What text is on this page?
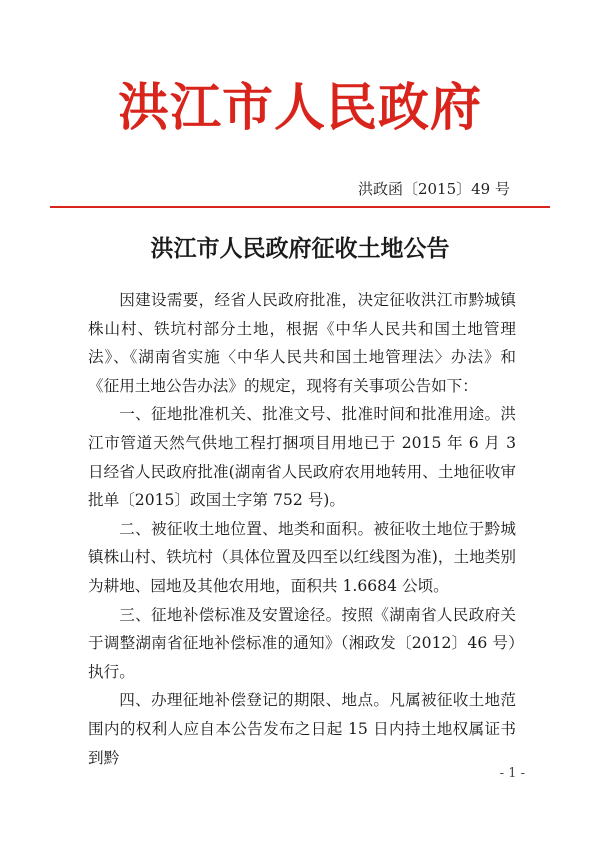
洪江市人民政府
洪政函〔2015〕49 号
洪江市人民政府征收土地公告

因建设需要，经省人民政府批准，决定征收洪江市黔城镇株山村、铁坑村部分土地，根据《中华人民共和国土地管理法》、《湖南省实施〈中华人民共和国土地管理法〉办法》和《征用土地公告办法》的规定，现将有关事项公告如下：

一、征地批准机关、批准文号、批准时间和批准用途。洪江市管道天然气供地工程打捆项目用地已于 2015 年 6 月 3 日经省人民政府批准(湖南省人民政府农用地转用、土地征收审批单〔2015〕政国土字第 752 号)。

二、被征收土地位置、地类和面积。被征收土地位于黔城镇株山村、铁坑村（具体位置及四至以红线图为准)，土地类别为耕地、园地及其他农用地，面积共 1.6684 公顷。

三、征地补偿标准及安置途径。按照《湖南省人民政府关于调整湖南省征地补偿标准的通知》（湘政发〔2012〕46 号）执行。

四、办理征地补偿登记的期限、地点。凡属被征收土地范围内的权利人应自本公告发布之日起 15 日内持土地权属证书到黔

- 1 -
